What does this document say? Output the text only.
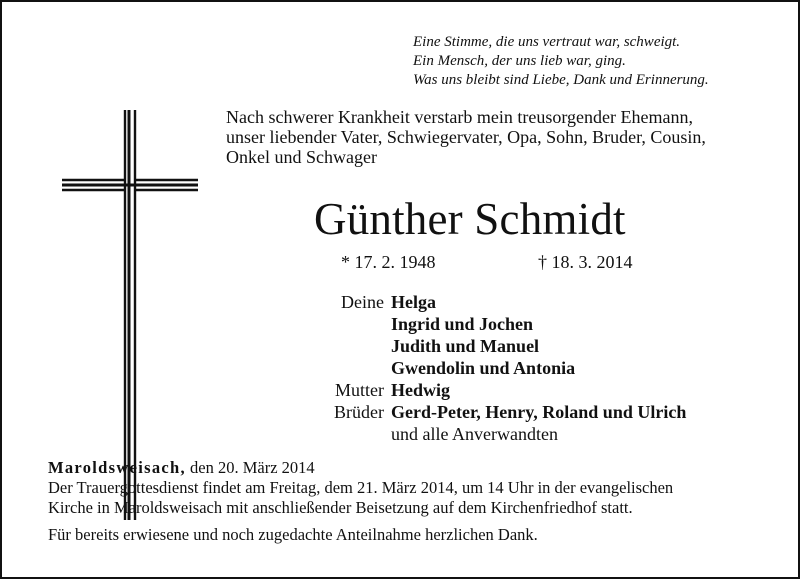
Eine Stimme, die uns vertraut war, schweigt.
Ein Mensch, der uns lieb war, ging.
Was uns bleibt sind Liebe, Dank und Erinnerung.
Nach schwerer Krankheit verstarb mein treusorgender Ehemann,
unser liebender Vater, Schwiegervater, Opa, Sohn, Bruder, Cousin,
Onkel und Schwager
Günther Schmidt
* 17. 2. 1948	† 18. 3. 2014
Deine Helga
Ingrid und Jochen
Judith und Manuel
Gwendolin und Antonia
Mutter Hedwig
Brüder Gerd-Peter, Henry, Roland und Ulrich
und alle Anverwandten
Maroldsweisach, den 20. März 2014
Der Trauergottesdienst findet am Freitag, dem 21. März 2014, um 14 Uhr in der evangelischen
Kirche in Maroldsweisach mit anschließender Beisetzung auf dem Kirchenfriedhof statt.
Für bereits erwiesene und noch zugedachte Anteilnahme herzlichen Dank.
